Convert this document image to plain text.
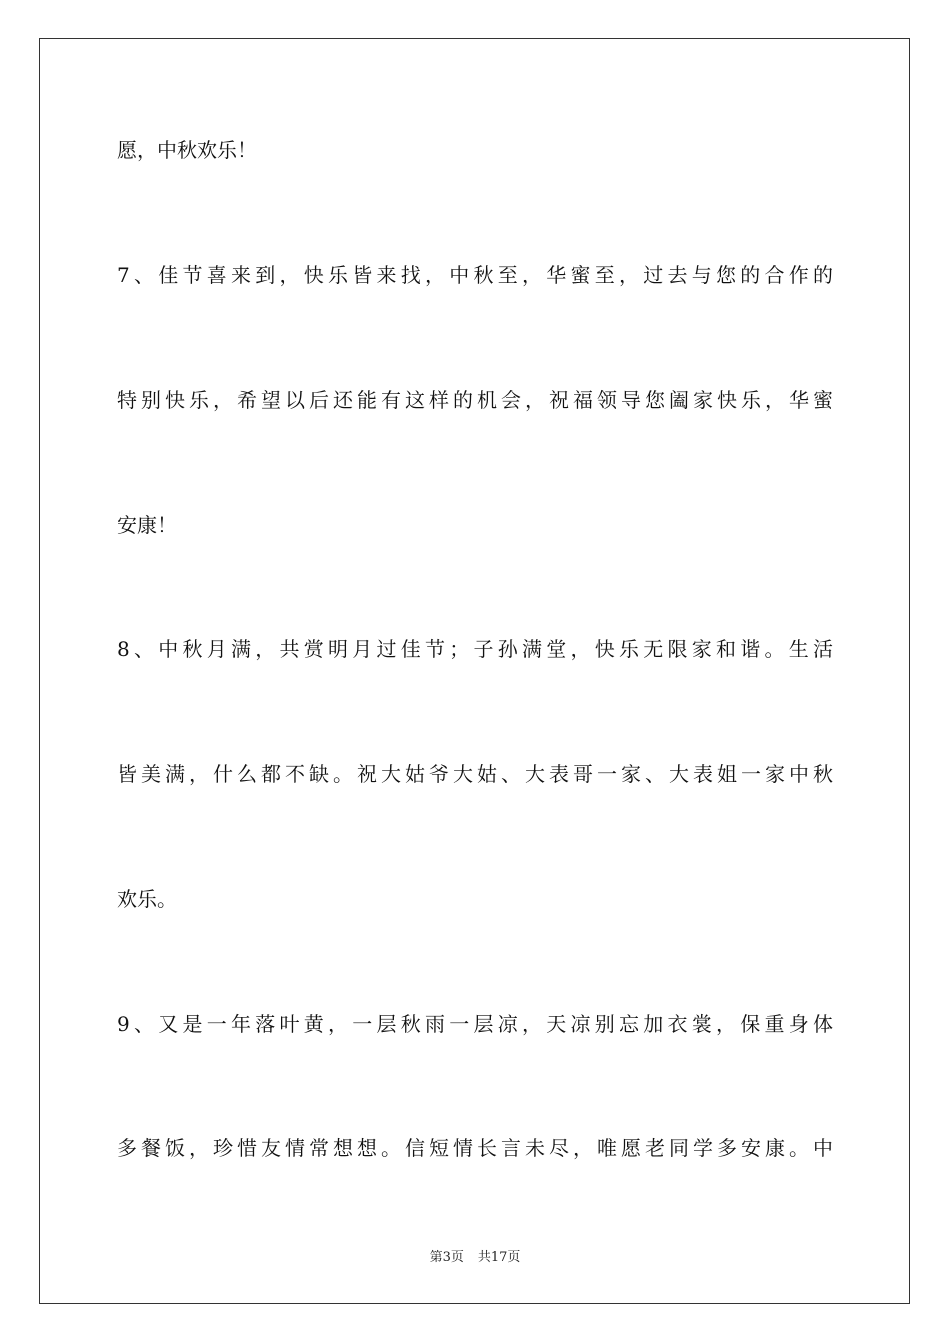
愿，中秋欢乐！
7、佳节喜来到，快乐皆来找，中秋至，华蜜至，过去与您的合作的
特别快乐，希望以后还能有这样的机会，祝福领导您阖家快乐，华蜜
安康！
8、中秋月满，共赏明月过佳节；子孙满堂，快乐无限家和谐。生活
皆美满，什么都不缺。祝大姑爷大姑、大表哥一家、大表姐一家中秋
欢乐。
9、又是一年落叶黄，一层秋雨一层凉，天凉别忘加衣裳，保重身体
多餐饭，珍惜友情常想想。信短情长言未尽，唯愿老同学多安康。中
第3页 共17页
